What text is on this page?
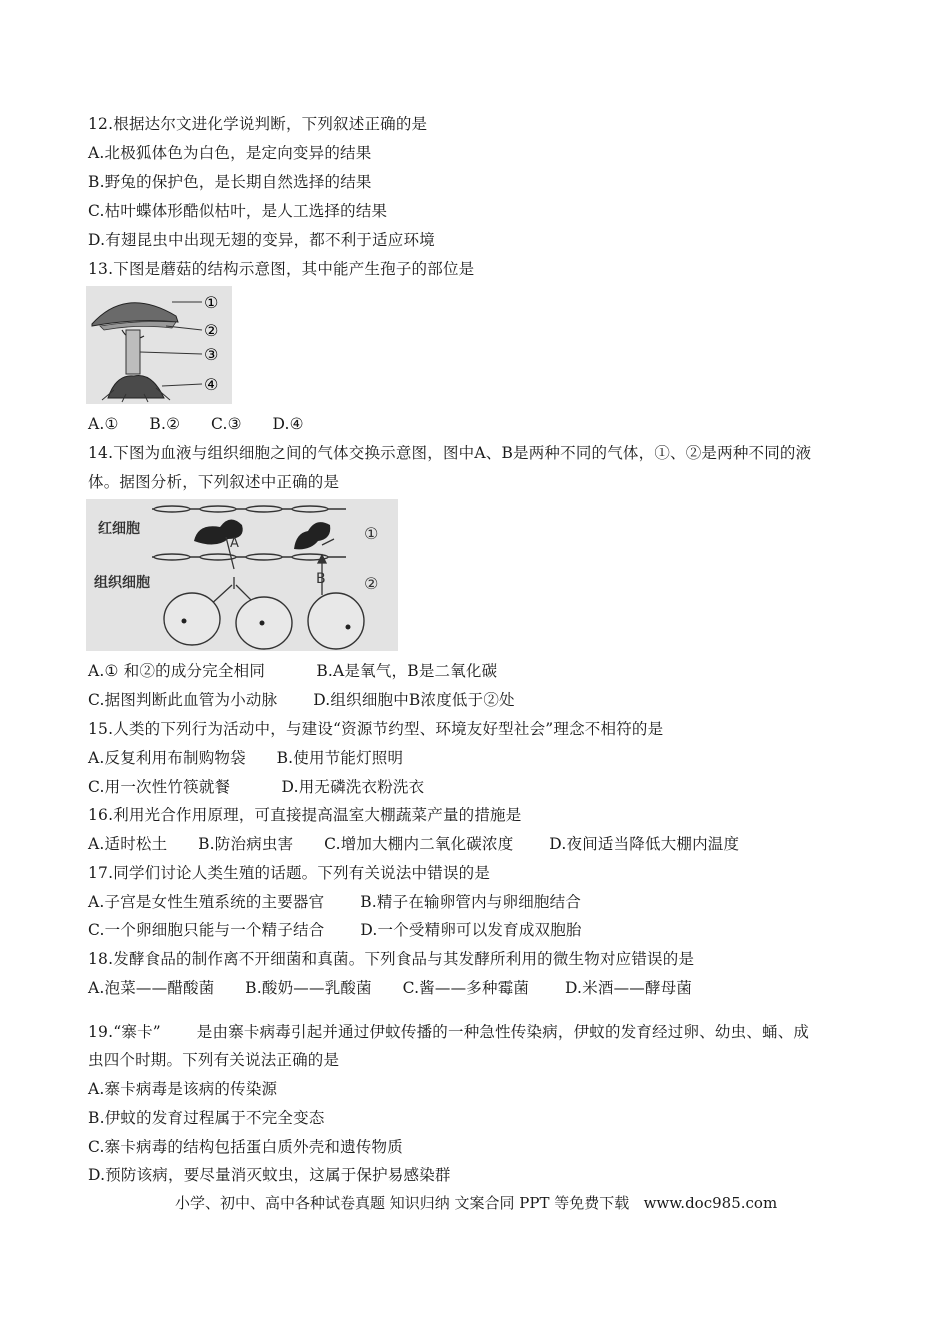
12.根据达尔文进化学说判断，下列叙述正确的是
A.北极狐体色为白色，是定向变异的结果
B.野兔的保护色，是长期自然选择的结果
C.枯叶蝶体形酷似枯叶，是人工选择的结果
D.有翅昆虫中出现无翅的变异，都不利于适应环境
13.下图是蘑菇的结构示意图，其中能产生孢子的部位是
①
②
③
④
A.①      B.②      C.③      D.④
14.下图为血液与组织细胞之间的气体交换示意图，图中A、B是两种不同的气体，①、②是两种不同的液
体。据图分析，下列叙述中正确的是
红细胞
组织细胞
A
B
①
②
A.① 和②的成分完全相同          B.A是氧气，B是二氧化碳
C.据图判断此血管为小动脉       D.组织细胞中B浓度低于②处
15.人类的下列行为活动中，与建设“资源节约型、环境友好型社会”理念不相符的是
A.反复利用布制购物袋      B.使用节能灯照明
C.用一次性竹筷就餐          D.用无磷洗衣粉洗衣
16.利用光合作用原理，可直接提高温室大棚蔬菜产量的措施是
A.适时松土      B.防治病虫害      C.增加大棚内二氧化碳浓度       D.夜间适当降低大棚内温度
17.同学们讨论人类生殖的话题。下列有关说法中错误的是
A.子宫是女性生殖系统的主要器官       B.精子在输卵管内与卵细胞结合
C.一个卵细胞只能与一个精子结合       D.一个受精卵可以发育成双胞胎
18.发酵食品的制作离不开细菌和真菌。下列食品与其发酵所利用的微生物对应错误的是
A.泡菜——醋酸菌      B.酸奶——乳酸菌      C.酱——多种霉菌       D.米酒——酵母菌
19.“寨卡”       是由寨卡病毒引起并通过伊蚊传播的一种急性传染病，伊蚊的发育经过卵、幼虫、蛹、成
虫四个时期。下列有关说法正确的是
A.寨卡病毒是该病的传染源
B.伊蚊的发育过程属于不完全变态
C.寨卡病毒的结构包括蛋白质外壳和遗传物质
D.预防该病，要尽量消灭蚊虫，这属于保护易感染群
小学、初中、高中各种试卷真题 知识归纳 文案合同 PPT 等免费下载   www.doc985.com
